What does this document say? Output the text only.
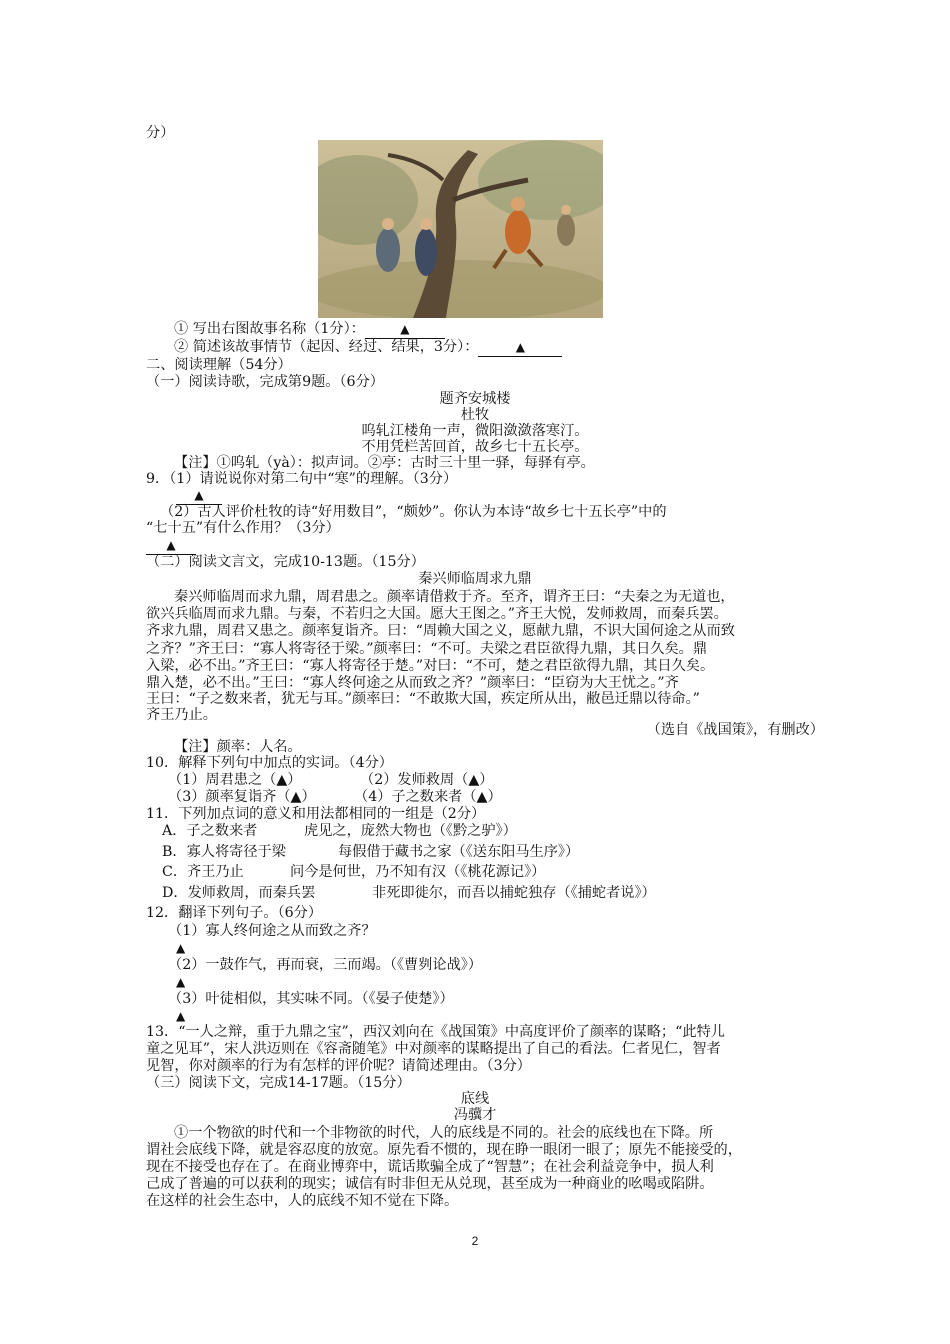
分）
① 写出右图故事名称（1分）：	▲
② 简述该故事情节（起因、经过、结果，3分）：	▲
二、阅读理解（54分）
（一）阅读诗歌，完成第9题。（6分）
题齐安城楼
杜牧
呜轧江楼角一声，微阳潋潋落寒汀。
不用凭栏苦回首，故乡七十五长亭。
【注】①呜轧（yà）：拟声词。②亭：古时三十里一驿，每驿有亭。
9．（1）请说说你对第二句中“寒”的理解。（3分）
▲
（2）古人评价杜牧的诗“好用数目”，“颇妙”。你认为本诗“故乡七十五长亭”中的
“七十五”有什么作用？（3分）
▲
（二）阅读文言文，完成10-13题。（15分）
秦兴师临周求九鼎
秦兴师临周而求九鼎，周君患之。颜率请借救于齐。至齐，谓齐王曰：“夫秦之为无道也，
欲兴兵临周而求九鼎。与秦，不若归之大国。愿大王图之。”齐王大悦，发师救周，而秦兵罢。
齐求九鼎，周君又患之。颜率复诣齐。曰：“周赖大国之义，愿献九鼎，不识大国何途之从而致
之齐？”齐王曰：“寡人将寄径于梁。”颜率曰：“不可。夫梁之君臣欲得九鼎，其日久矣。鼎
入梁，必不出。”齐王曰：“寡人将寄径于楚。”对曰：“不可，楚之君臣欲得九鼎，其日久矣。
鼎入楚，必不出。”王曰：“寡人终何途之从而致之齐？”颜率曰：“臣窃为大王忧之。”齐
王曰：“子之数来者，犹无与耳。”颜率曰：“不敢欺大国，疾定所从出，敝邑迁鼎以待命。”
齐王乃止。
（选自《战国策》，有删改）
【注】颜率：人名。
10．解释下列句中加点的实词。（4分）
（1）周君患之（▲）	（2）发师救周（▲）
（3）颜率复诣齐（▲）	（4）子之数来者（▲）
11．下列加点词的意义和用法都相同的一组是（2分）
A．子之数来者	虎见之，庞然大物也（《黔之驴》）
B．寡人将寄径于梁	每假借于藏书之家（《送东阳马生序》）
C．齐王乃止	问今是何世，乃不知有汉（《桃花源记》）
D．发师救周，而秦兵罢	非死即徙尔，而吾以捕蛇独存（《捕蛇者说》）
12．翻译下列句子。（6分）
（1）寡人终何途之从而致之齐？
▲
（2）一鼓作气，再而衰，三而竭。（《曹刿论战》）
▲
（3）叶徒相似，其实味不同。（《晏子使楚》）
▲
13．“一人之辩，重于九鼎之宝”，西汉刘向在《战国策》中高度评价了颜率的谋略；“此特儿
童之见耳”，宋人洪迈则在《容斋随笔》中对颜率的谋略提出了自己的看法。仁者见仁，智者
见智，你对颜率的行为有怎样的评价呢？请简述理由。（3分）
（三）阅读下文，完成14-17题。（15分）
底线
冯骥才
①一个物欲的时代和一个非物欲的时代，人的底线是不同的。社会的底线也在下降。所
谓社会底线下降，就是容忍度的放宽。原先看不惯的，现在睁一眼闭一眼了；原先不能接受的，
现在不接受也存在了。在商业博弈中，谎话欺骗全成了“智慧”；在社会利益竞争中，损人利
己成了普遍的可以获利的现实；诚信有时非但无从兑现，甚至成为一种商业的吆喝或陷阱。
在这样的社会生态中，人的底线不知不觉在下降。
2
